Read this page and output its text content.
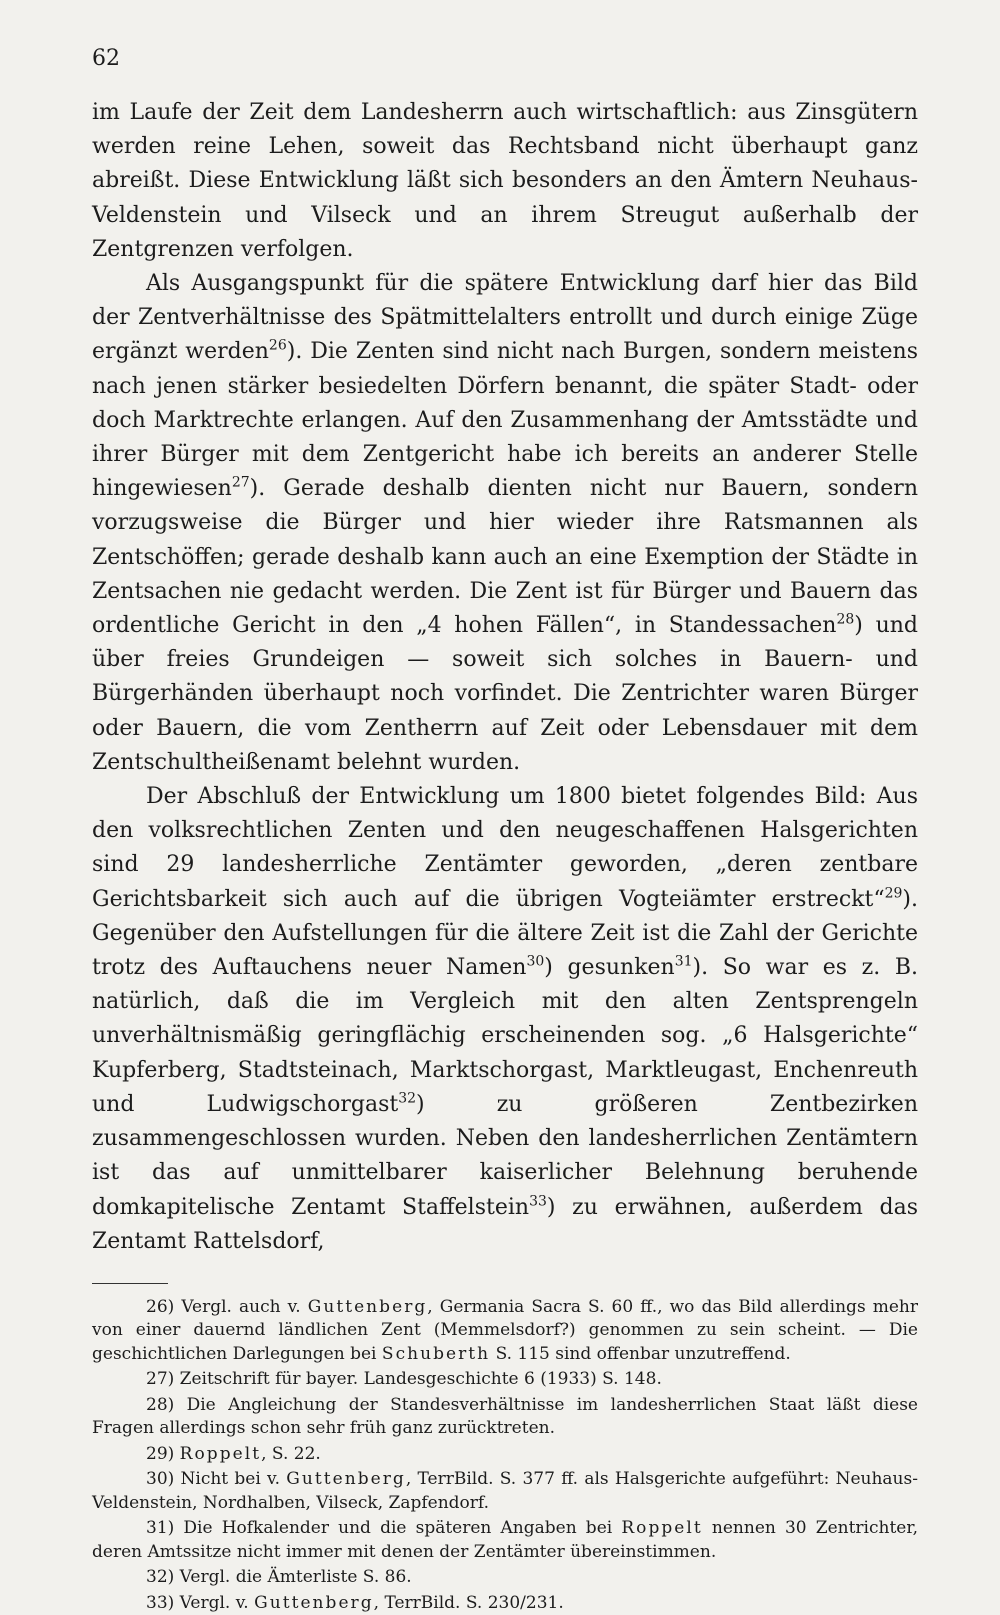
62

im Laufe der Zeit dem Landesherrn auch wirtschaftlich: aus Zinsgütern werden reine Lehen, soweit das Rechtsband nicht überhaupt ganz abreißt. Diese Entwicklung läßt sich besonders an den Ämtern Neuhaus-Veldenstein und Vilseck und an ihrem Streugut außerhalb der Zentgrenzen verfolgen.

Als Ausgangspunkt für die spätere Entwicklung darf hier das Bild der Zentverhältnisse des Spätmittelalters entrollt und durch einige Züge ergänzt werden$^{26}$). Die Zenten sind nicht nach Burgen, sondern meistens nach jenen stärker besiedelten Dörfern benannt, die später Stadt- oder doch Marktrechte erlangen. Auf den Zusammenhang der Amtsstädte und ihrer Bürger mit dem Zentgericht habe ich bereits an anderer Stelle hingewiesen$^{27}$). Gerade deshalb dienten nicht nur Bauern, sondern vorzugsweise die Bürger und hier wieder ihre Ratsmannen als Zentschöffen; gerade deshalb kann auch an eine Exemption der Städte in Zentsachen nie gedacht werden. Die Zent ist für Bürger und Bauern das ordentliche Gericht in den „4 hohen Fällen“, in Standessachen$^{28}$) und über freies Grundeigen — soweit sich solches in Bauern- und Bürgerhänden überhaupt noch vorfindet. Die Zentrichter waren Bürger oder Bauern, die vom Zentherrn auf Zeit oder Lebensdauer mit dem Zentschultheißenamt belehnt wurden.

Der Abschluß der Entwicklung um 1800 bietet folgendes Bild: Aus den volksrechtlichen Zenten und den neugeschaffenen Halsgerichten sind 29 landesherrliche Zentämter geworden, „deren zentbare Gerichtsbarkeit sich auch auf die übrigen Vogteiämter erstreckt“$^{29}$). Gegenüber den Aufstellungen für die ältere Zeit ist die Zahl der Gerichte trotz des Auftauchens neuer Namen$^{30}$) gesunken$^{31}$). So war es z. B. natürlich, daß die im Vergleich mit den alten Zentsprengeln unverhältnismäßig geringflächig erscheinenden sog. „6 Halsgerichte“ Kupferberg, Stadtsteinach, Marktschorgast, Marktleugast, Enchenreuth und Ludwigschorgast$^{32}$) zu größeren Zentbezirken zusammengeschlossen wurden. Neben den landesherrlichen Zentämtern ist das auf unmittelbarer kaiserlicher Belehnung beruhende domkapitelische Zentamt Staffelstein$^{33}$) zu erwähnen, außerdem das Zentamt Rattelsdorf,

26) Vergl. auch v. Guttenberg, Germania Sacra S. 60 ff., wo das Bild allerdings mehr von einer dauernd ländlichen Zent (Memmelsdorf?) genommen zu sein scheint. — Die geschichtlichen Darlegungen bei Schuberth S. 115 sind offenbar unzutreffend.

27) Zeitschrift für bayer. Landesgeschichte 6 (1933) S. 148.

28) Die Angleichung der Standesverhältnisse im landesherrlichen Staat läßt diese Fragen allerdings schon sehr früh ganz zurücktreten.

29) Roppelt, S. 22.

30) Nicht bei v. Guttenberg, TerrBild. S. 377 ff. als Halsgerichte aufgeführt: Neuhaus-Veldenstein, Nordhalben, Vilseck, Zapfendorf.

31) Die Hofkalender und die späteren Angaben bei Roppelt nennen 30 Zentrichter, deren Amtssitze nicht immer mit denen der Zentämter übereinstimmen.

32) Vergl. die Ämterliste S. 86.

33) Vergl. v. Guttenberg, TerrBild. S. 230/231.
